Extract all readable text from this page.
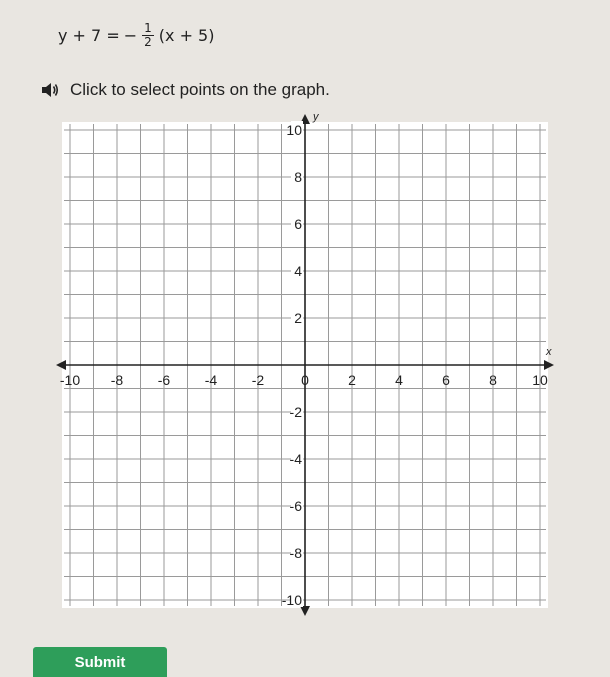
y + 7 = − $\frac{1}{2} (x + 5)$
Click to select points on the graph.
x
y
-10 -8 -6 -4 -2	0	2	4	6	8	10
10
8
6
4
2
-2
-4
-6
-8
-10
Submit
